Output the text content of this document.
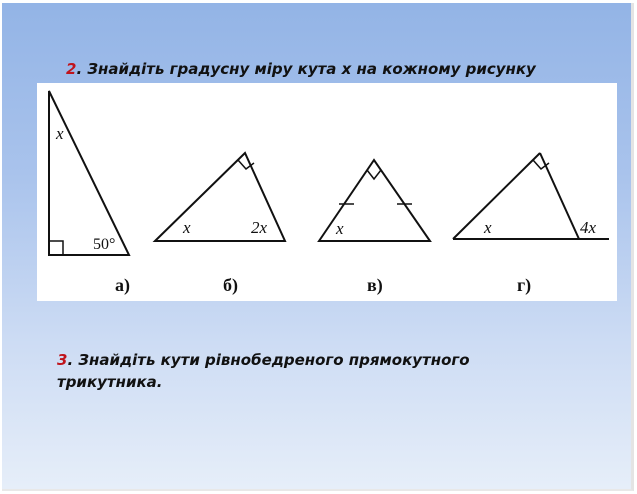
2. Знайдіть градусну міру кута x на кожному рисунку
x
50°
x	2x	x	x	4x
а)	б)	в)	г)
3. Знайдіть кути рівнобедреного прямокутного трикутника.
